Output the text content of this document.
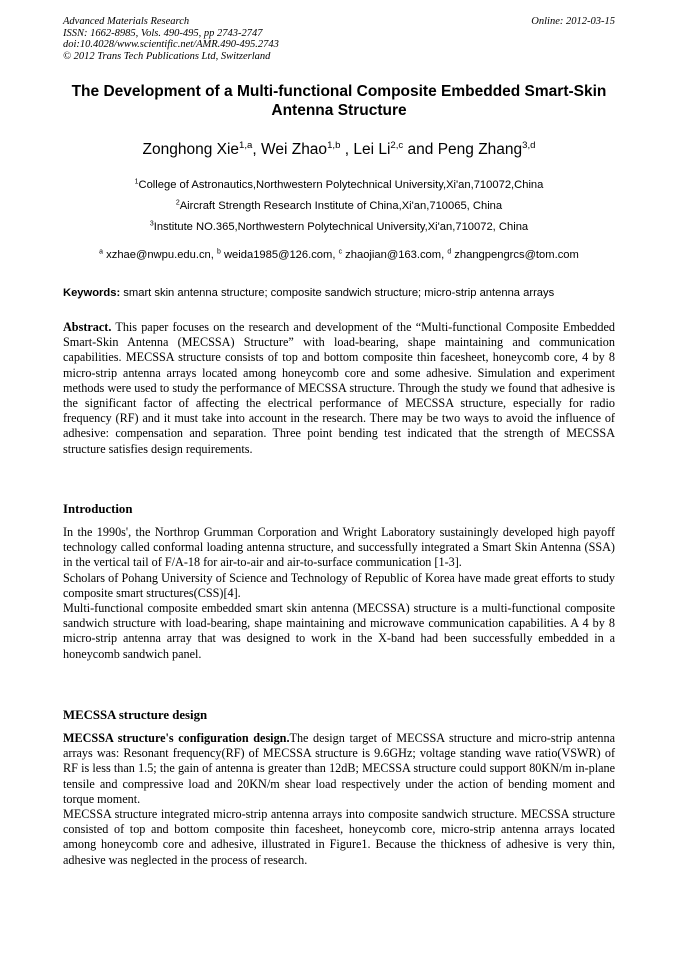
Advanced Materials Research
ISSN: 1662-8985, Vols. 490-495, pp 2743-2747
doi:10.4028/www.scientific.net/AMR.490-495.2743
© 2012 Trans Tech Publications Ltd, Switzerland
Online: 2012-03-15
The Development of a Multi-functional Composite Embedded Smart-Skin
Antenna Structure
Zonghong Xie$^{1,a}$, Wei Zhao$^{1,b}$ , Lei Li$^{2,c}$ and Peng Zhang$^{3,d}$
$^1$College of Astronautics,Northwestern Polytechnical University,Xi'an,710072,China
$^2$Aircraft Strength Research Institute of China,Xi'an,710065, China
$^3$Institute NO.365,Northwestern Polytechnical University,Xi'an,710072, China
$^a$ xzhae@nwpu.edu.cn, $^b$ weida1985@126.com, $^c$ zhaojian@163.com, $^d$ zhangpengrcs@tom.com
Keywords: smart skin antenna structure; composite sandwich structure; micro-strip antenna arrays

Abstract. This paper focuses on the research and development of the “Multi-functional Composite Embedded Smart-Skin Antenna (MECSSA) Structure” with load-bearing, shape maintaining and communication capabilities. MECSSA structure consists of top and bottom composite thin facesheet, honeycomb core, 4 by 8 micro-strip antenna arrays located among honeycomb core and some adhesive. Simulation and experiment methods were used to study the performance of MECSSA structure. Through the study we found that adhesive is the significant factor of affecting the electrical performance of MECSSA structure, especially for radio frequency (RF) and it must take into account in the research. There may be two ways to avoid the influence of adhesive: compensation and separation. Three point bending test indicated that the strength of MECSSA structure satisfies design requirements.

Introduction

In the 1990s', the Northrop Grumman Corporation and Wright Laboratory sustainingly developed high payoff technology called conformal loading antenna structure, and successfully integrated a Smart Skin Antenna (SSA) in the vertical tail of F/A-18 for air-to-air and air-to-surface communication [1-3].

Scholars of Pohang University of Science and Technology of Republic of Korea have made great efforts to study composite smart structures(CSS)[4].

Multi-functional composite embedded smart skin antenna (MECSSA) structure is a multi-functional composite sandwich structure with load-bearing, shape maintaining and microwave communication capabilities. A 4 by 8 micro-strip antenna array that was designed to work in the X-band had been successfully embedded in a honeycomb sandwich panel.

MECSSA structure design

MECSSA structure's configuration design.The design target of MECSSA structure and micro-strip antenna arrays was: Resonant frequency(RF) of MECSSA structure is 9.6GHz; voltage standing wave ratio(VSWR) of RF is less than 1.5; the gain of antenna is greater than 12dB; MECSSA structure could support 80KN/m in-plane tensile and compressive load and 20KN/m shear load respectively under the action of bending moment and torque moment.

MECSSA structure integrated micro-strip antenna arrays into composite sandwich structure. MECSSA structure consisted of top and bottom composite thin facesheet, honeycomb core, micro-strip antenna arrays located among honeycomb core and adhesive, illustrated in Figure1. Because the thickness of adhesive is very thin, adhesive was neglected in the process of research.
